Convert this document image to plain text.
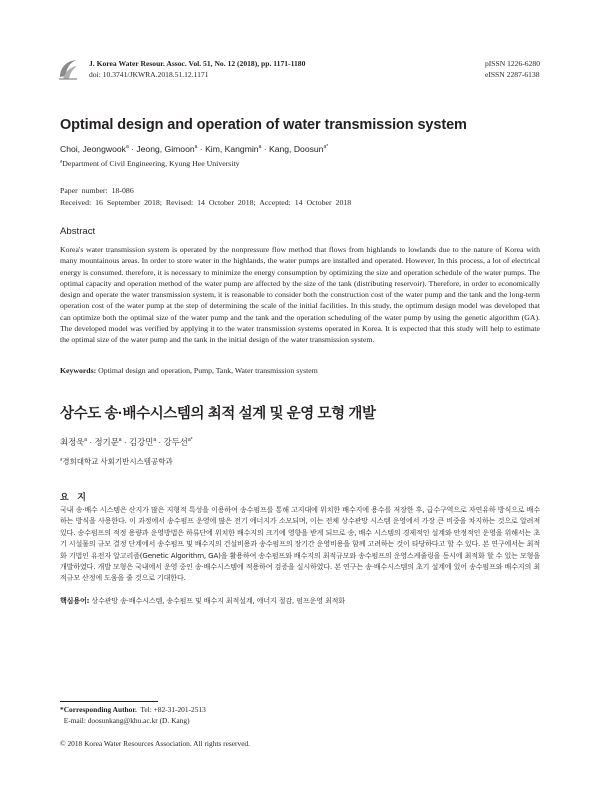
J. Korea Water Resour. Assoc. Vol. 51, No. 12 (2018), pp. 1171-1180
doi: 10.3741/JKWRA.2018.51.12.1171
pISSN 1226-6280
eISSN 2287-6138
Optimal design and operation of water transmission system
Choi, Jeongwook$^a$ · Jeong, Gimoon$^a$ · Kim, Kangmin$^a$ · Kang, Doosun$^{a*}$
$^a$Department of Civil Engineering, Kyung Hee University
Paper number: 18-086
Received: 16 September 2018; Revised: 14 October 2018; Accepted: 14 October 2018
Abstract
Korea's water transmission system is operated by the nonpressure flow method that flows from highlands to lowlands due to the nature of Korea with many mountainous areas. In order to store water in the highlands, the water pumps are installed and operated. However, In this process, a lot of electrical energy is consumed. therefore, it is necessary to minimize the energy consumption by optimizing the size and operation schedule of the water pumps. The optimal capacity and operation method of the water pump are affected by the size of the tank (distributing reservoir). Therefore, in order to economically design and operate the water transmission system, it is reasonable to consider both the construction cost of the water pump and the tank and the long-term operation cost of the water pump at the step of determining the scale of the initial facilities. In this study, the optimum design model was developed that can optimize both the optimal size of the water pump and the tank and the operation scheduling of the water pump by using the genetic algorithm (GA). The developed model was verified by applying it to the water transmission systems operated in Korea. It is expected that this study will help to estimate the optimal size of the water pump and the tank in the initial design of the water transmission system.
Keywords: Optimal design and operation, Pump, Tank, Water transmission system
상수도 송·배수시스템의 최적 설계 및 운영 모형 개발
최정욱$^a$ · 정기문$^a$ · 김강민$^a$ · 강두선$^{a*}$
$^a$경희대학교 사회기반시스템공학과
요 지
국내 송·배수 시스템은 산지가 많은 지형적 특성을 이용하여 송수펌프를 통해 고지대에 위치한 배수지에 용수를 저장한 후, 급수구역으로 자연유하 방식으로 배수하는 방식을 사용한다. 이 과정에서 송수펌프 운영에 많은 전기 에너지가 소모되며, 이는 전체 상수관망 시스템 운영에서 가장 큰 비중을 차지하는 것으로 알려져 있다. 송수펌프의 적정 용량과 운영방법은 하류단에 위치한 배수지의 크기에 영향을 받게 되므로 송, 배수 시스템의 경제적인 설계와 안정적인 운영을 위해서는 초기 시설물의 규모 결정 단계에서 송수펌프 및 배수지의 건설비용과 송수펌프의 장기간 운영비용을 함께 고려하는 것이 타당하다고 할 수 있다. 본 연구에서는 최적화 기법인 유전자 알고리즘(Genetic Algorithm, GA)을 활용하여 송수펌프와 배수지의 최적규모와 송수펌프의 운영스케줄링을 동시에 최적화 할 수 있는 모형을 개발하였다. 개발 모형은 국내에서 운영 중인 송·배수시스템에 적용하여 검증을 실시하였다. 본 연구는 송·배수시스템의 초기 설계에 있어 송수펌프와 배수지의 최적규모 산정에 도움을 줄 것으로 기대한다.
핵심용어: 상수관망 송·배수시스템, 송수펌프 및 배수지 최적설계, 에너지 절감, 펌프운영 최적화
*Corresponding Author. Tel: +82-31-201-2513
E-mail: doosunkang@khu.ac.kr (D. Kang)
© 2018 Korea Water Resources Association. All rights reserved.
